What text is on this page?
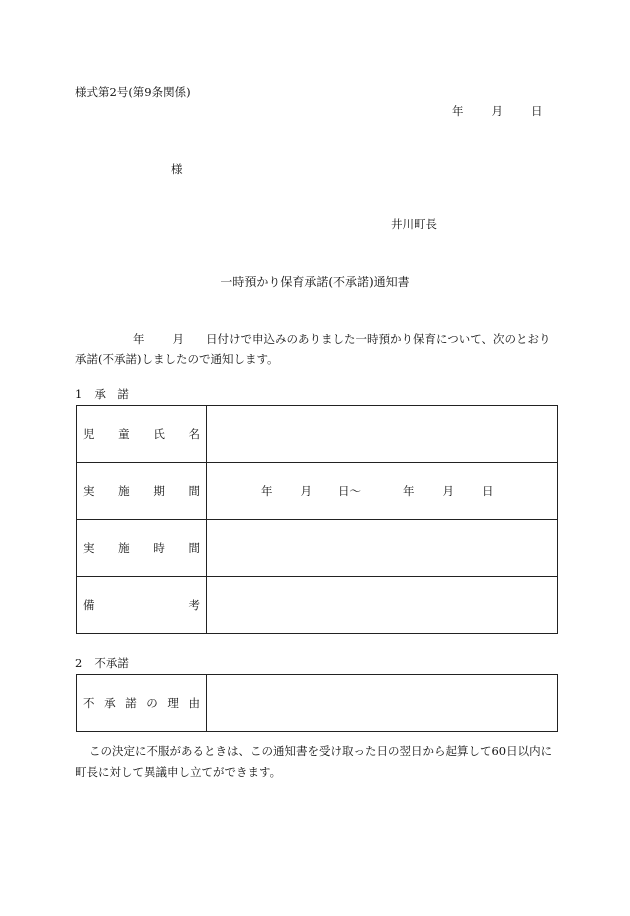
様式第2号(第9条関係)
年 月 日
様
井川町長
一時預かり保育承諾(不承諾)通知書
年 月 日付けで申込みのありました一時預かり保育について、次のとおり承諾(不承諾)しましたので通知します。
1 承　諾
児 童 氏 名	

実 施 期 間	年 月 日～ 年 月 日

実 施 時 間	

備 考	

2 不承諾
不 承 諾 の 理 由

この決定に不服があるときは、この通知書を受け取った日の翌日から起算して60日以内に町長に対して異議申し立てができます。
